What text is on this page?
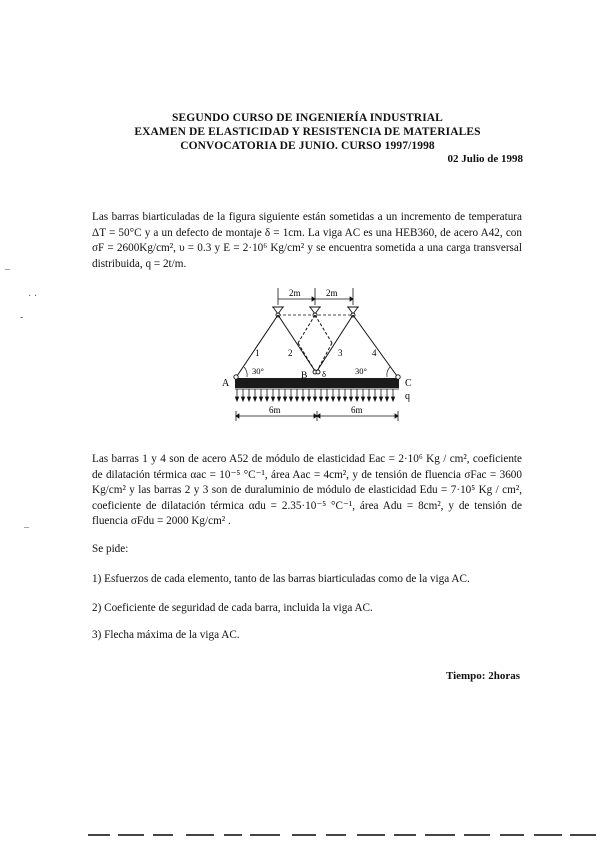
SEGUNDO CURSO DE INGENIERÍA INDUSTRIAL
EXAMEN DE ELASTICIDAD Y RESISTENCIA DE MATERIALES
CONVOCATORIA DE JUNIO. CURSO 1997/1998
02 Julio de 1998
Las barras biarticuladas de la figura siguiente están sometidas a un incremento de temperatura ΔT = 50°C y a un defecto de montaje δ = 1cm. La viga AC es una HEB360, de acero A42, con σF = 2600Kg/cm², υ = 0.3 y E = 2·10⁶ Kg/cm² y se encuentra sometida a una carga transversal distribuida, q = 2t/m.
2m	2m
1	2	3	4
30°	30°
A
B δ
C
q
6m	6m
Las barras 1 y 4 son de acero A52 de módulo de elasticidad Eac = 2·10⁶ Kg / cm², coeficiente de dilatación térmica αac = 10⁻⁵ °C⁻¹, área Aac = 4cm², y de tensión de fluencia σFac = 3600 Kg/cm² y las barras 2 y 3 son de duraluminio de módulo de elasticidad Edu = 7·10⁵ Kg / cm², coeficiente de dilatación térmica αdu = 2.35·10⁻⁵ °C⁻¹, área Adu = 8cm², y de tensión de fluencia σFdu = 2000 Kg/cm² .
Se pide:
1) Esfuerzos de cada elemento, tanto de las barras biarticuladas como de la viga AC.
2) Coeficiente de seguridad de cada barra, incluida la viga AC.
3) Flecha máxima de la viga AC.
Tiempo: 2horas
_
· ·
-
_
